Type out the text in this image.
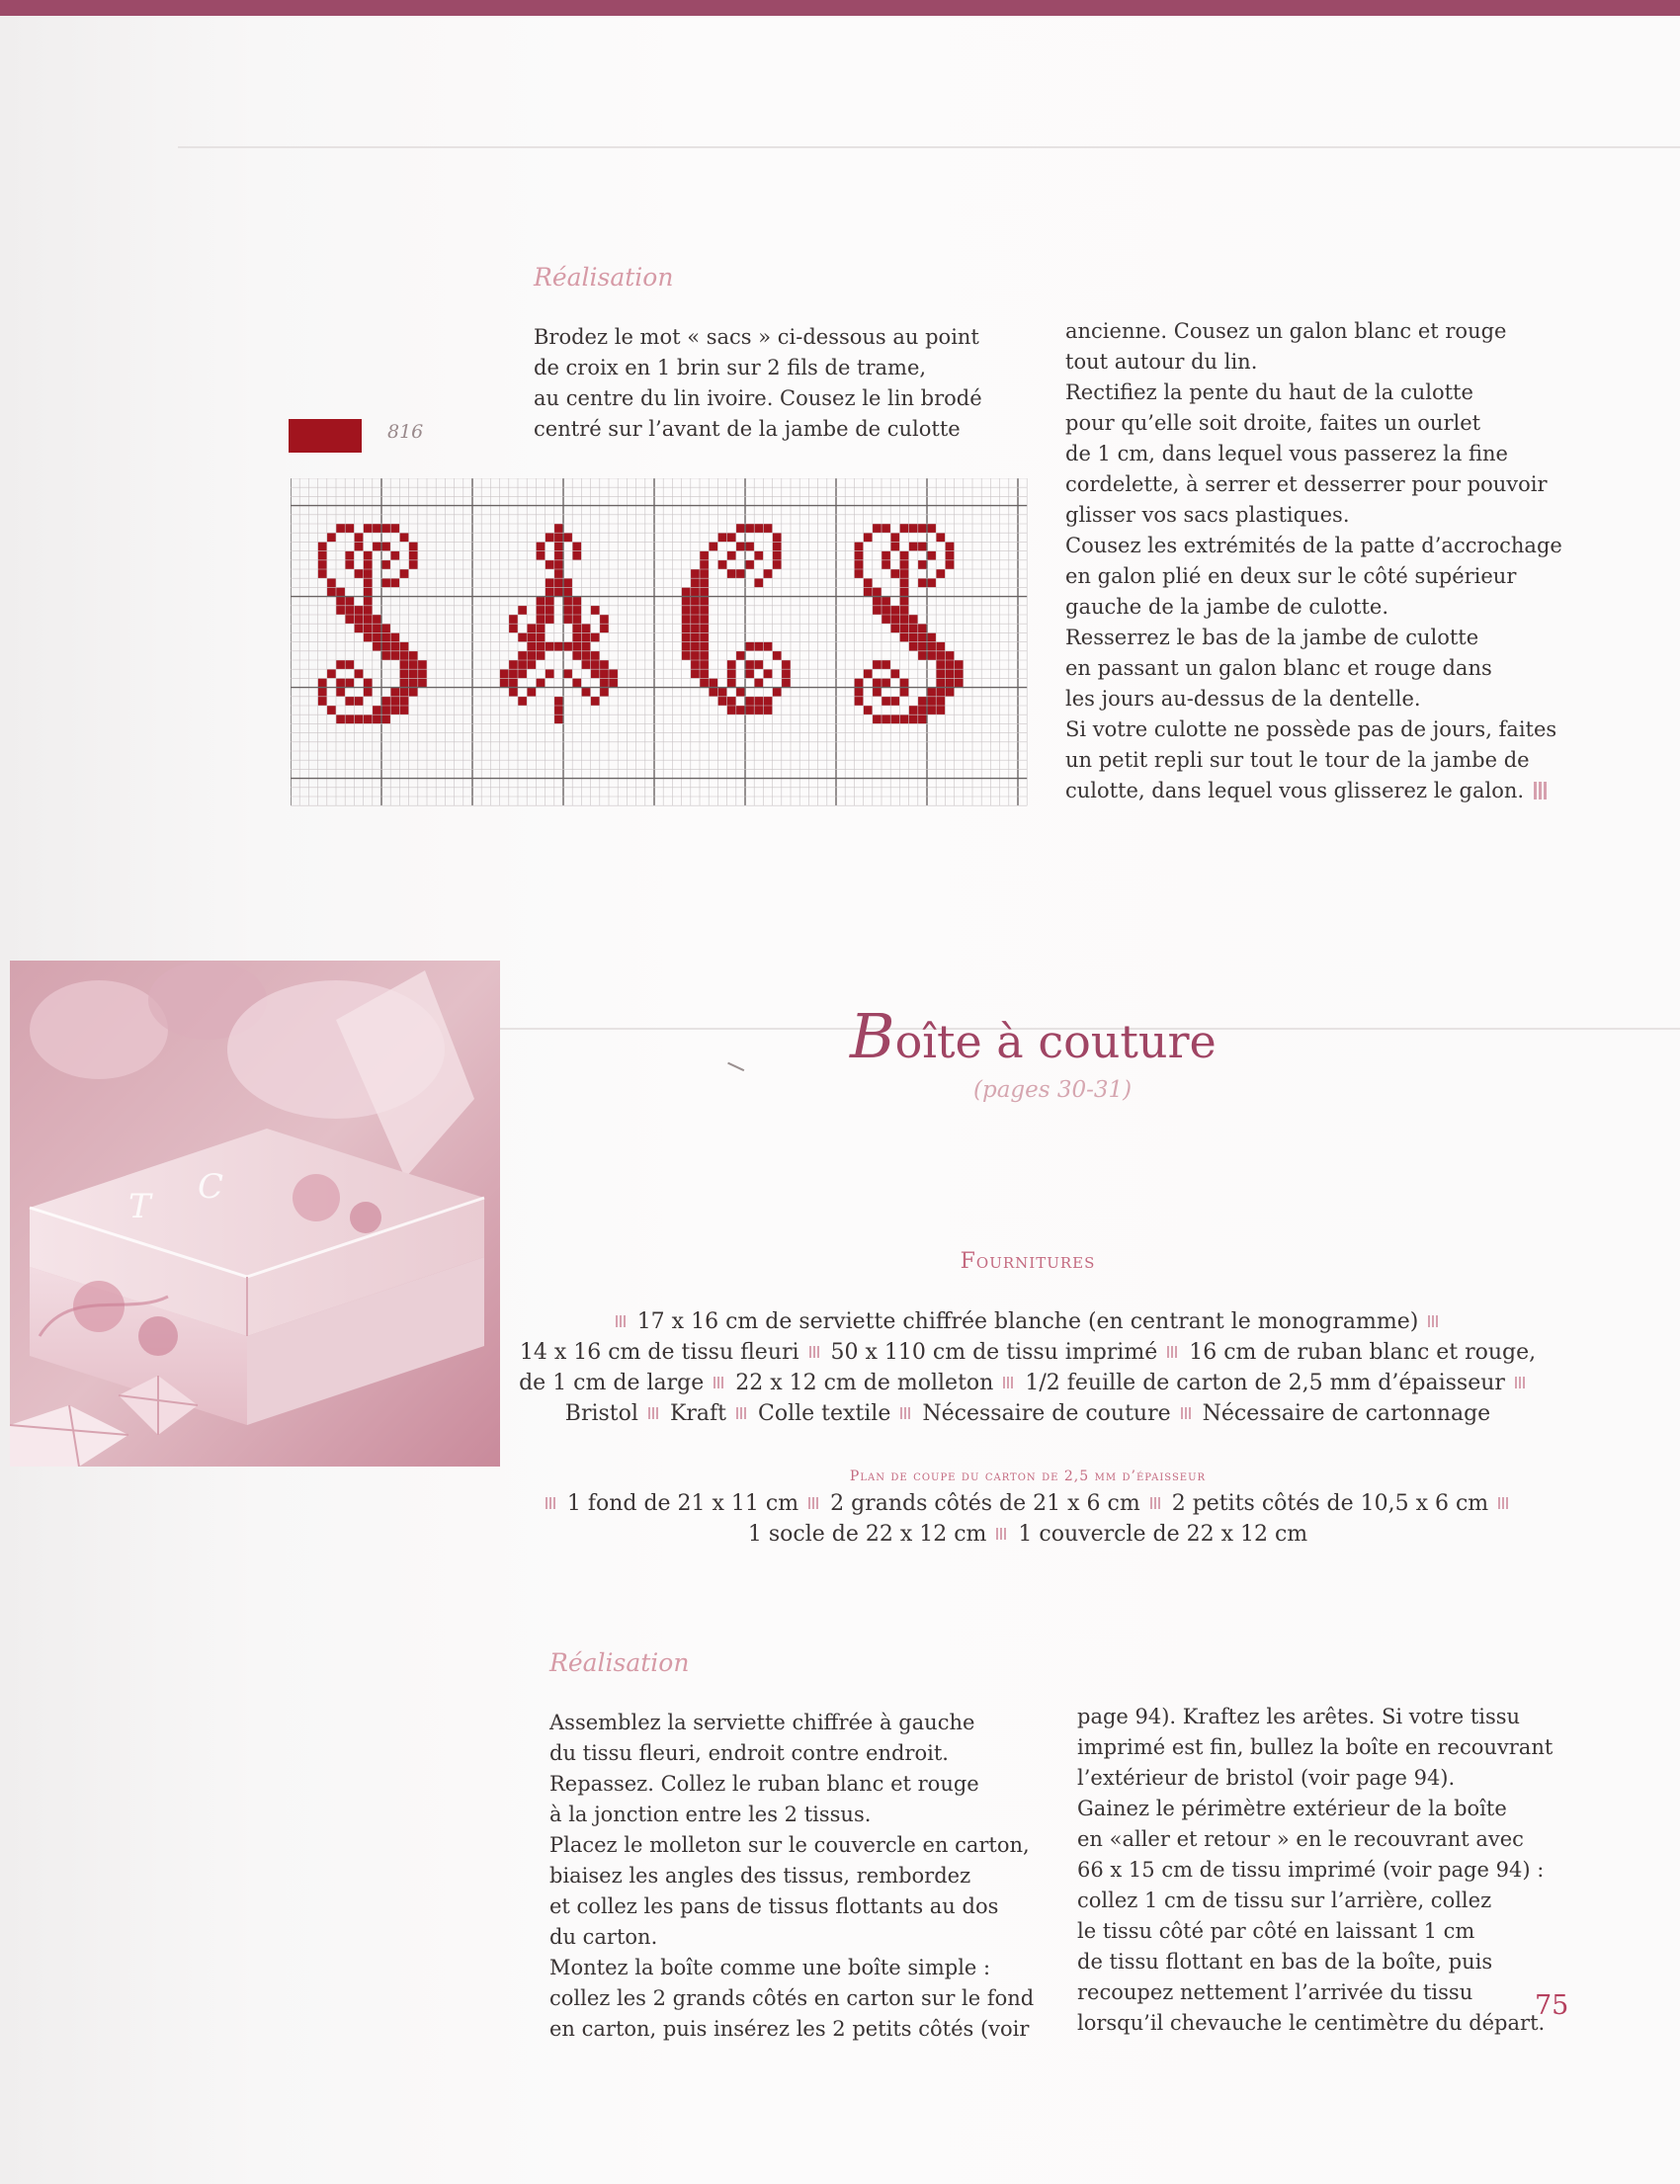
Réalisation
Brodez le mot « sacs » ci-dessous au point
de croix en 1 brin sur 2 fils de trame,
au centre du lin ivoire. Cousez le lin brodé
centré sur l’avant de la jambe de culotte
ancienne. Cousez un galon blanc et rouge
tout autour du lin.
Rectifiez la pente du haut de la culotte
pour qu’elle soit droite, faites un ourlet
de 1 cm, dans lequel vous passerez la fine
cordelette, à serrer et desserrer pour pouvoir
glisser vos sacs plastiques.
Cousez les extrémités de la patte d’accrochage
en galon plié en deux sur le côté supérieur
gauche de la jambe de culotte.
Resserrez le bas de la jambe de culotte
en passant un galon blanc et rouge dans
les jours au-dessus de la dentelle.
Si votre culotte ne possède pas de jours, faites
un petit repli sur tout le tour de la jambe de
culotte, dans lequel vous glisserez le galon.
816
T C
Boîte à couture
(pages 30-31)
Fournitures
17 x 16 cm de serviette chiffrée blanche (en centrant le monogramme)
14 x 16 cm de tissu fleuri 50 x 110 cm de tissu imprimé 16 cm de ruban blanc et rouge,
de 1 cm de large 22 x 12 cm de molleton 1/2 feuille de carton de 2,5 mm d’épaisseur
Bristol Kraft Colle textile Nécessaire de couture Nécessaire de cartonnage
Plan de coupe du carton de 2,5 mm d’épaisseur
1 fond de 21 x 11 cm 2 grands côtés de 21 x 6 cm 2 petits côtés de 10,5 x 6 cm
1 socle de 22 x 12 cm 1 couvercle de 22 x 12 cm
Réalisation
Assemblez la serviette chiffrée à gauche
du tissu fleuri, endroit contre endroit.
Repassez. Collez le ruban blanc et rouge
à la jonction entre les 2 tissus.
Placez le molleton sur le couvercle en carton,
biaisez les angles des tissus, rembordez
et collez les pans de tissus flottants au dos
du carton.
Montez la boîte comme une boîte simple :
collez les 2 grands côtés en carton sur le fond
en carton, puis insérez les 2 petits côtés (voir
page 94). Kraftez les arêtes. Si votre tissu
imprimé est fin, bullez la boîte en recouvrant
l’extérieur de bristol (voir page 94).
Gainez le périmètre extérieur de la boîte
en «aller et retour » en le recouvrant avec
66 x 15 cm de tissu imprimé (voir page 94) :
collez 1 cm de tissu sur l’arrière, collez
le tissu côté par côté en laissant 1 cm
de tissu flottant en bas de la boîte, puis
recoupez nettement l’arrivée du tissu
lorsqu’il chevauche le centimètre du départ.
75
